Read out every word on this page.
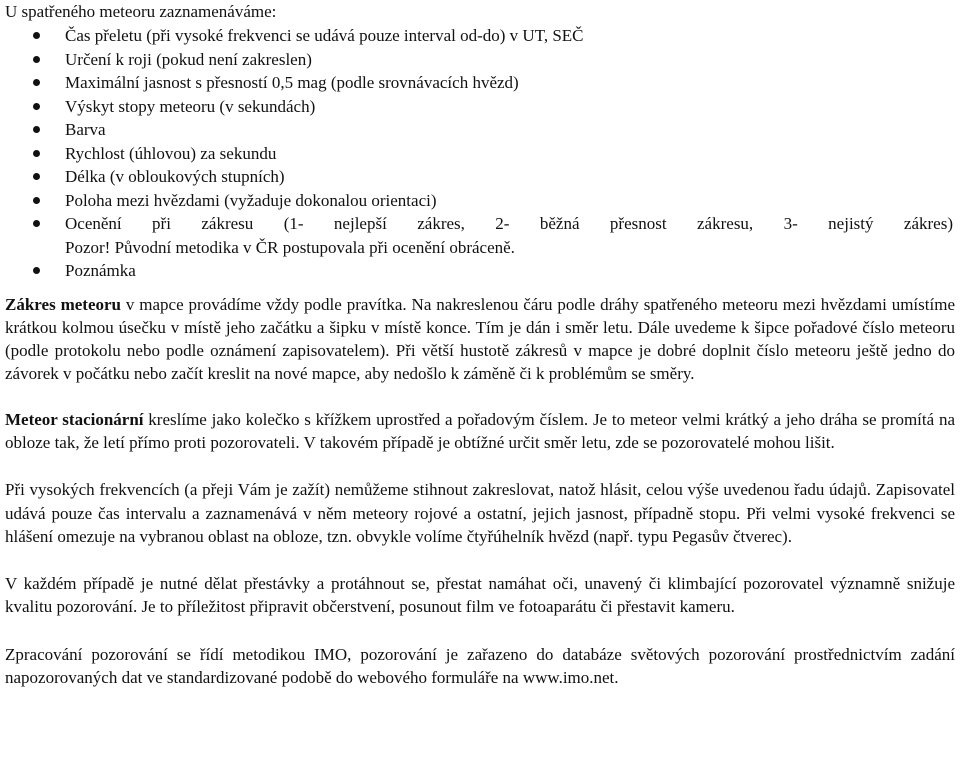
U spatřeného meteoru zaznamenáváme:
Čas přeletu (při vysoké frekvenci se udává pouze interval od-do) v UT, SEČ
Určení k roji (pokud není zakreslen)
Maximální jasnost s přesností 0,5 mag (podle srovnávacích hvězd)
Výskyt stopy meteoru (v sekundách)
Barva
Rychlost (úhlovou) za sekundu
Délka (v obloukových stupních)
Poloha mezi hvězdami (vyžaduje dokonalou orientaci)
Ocenění při zákresu (1- nejlepší zákres, 2- běžná přesnost zákresu, 3- nejistý zákres)
Pozor! Původní metodika v ČR postupovala při ocenění obráceně.
Poznámka

Zákres meteoru v mapce provádíme vždy podle pravítka. Na nakreslenou čáru podle dráhy spatřeného meteoru mezi hvězdami umístíme krátkou kolmou úsečku v místě jeho začátku a šipku v místě konce. Tím je dán i směr letu. Dále uvedeme k šipce pořadové číslo meteoru (podle protokolu nebo podle oznámení zapisovatelem). Při větší hustotě zákresů v mapce je dobré doplnit číslo meteoru ještě jedno do závorek v počátku nebo začít kreslit na nové mapce, aby nedošlo k záměně či k problémům se směry.

Meteor stacionární kreslíme jako kolečko s křížkem uprostřed a pořadovým číslem. Je to meteor velmi krátký a jeho dráha se promítá na obloze tak, že letí přímo proti pozorovateli. V takovém případě je obtížné určit směr letu, zde se pozorovatelé mohou lišit.

Při vysokých frekvencích (a přeji Vám je zažít) nemůžeme stihnout zakreslovat, natož hlásit, celou výše uvedenou řadu údajů. Zapisovatel udává pouze čas intervalu a zaznamenává v něm meteory rojové a ostatní, jejich jasnost, případně stopu. Při velmi vysoké frekvenci se hlášení omezuje na vybranou oblast na obloze, tzn. obvykle volíme čtyřúhelník hvězd (např. typu Pegasův čtverec).

V každém případě je nutné dělat přestávky a protáhnout se, přestat namáhat oči, unavený či klimbající pozorovatel významně snižuje kvalitu pozorování. Je to příležitost připravit občerstvení, posunout film ve fotoaparátu či přestavit kameru.

Zpracování pozorování se řídí metodikou IMO, pozorování je zařazeno do databáze světových pozorování prostřednictvím zadání napozorovaných dat ve standardizované podobě do webového formuláře na www.imo.net.
